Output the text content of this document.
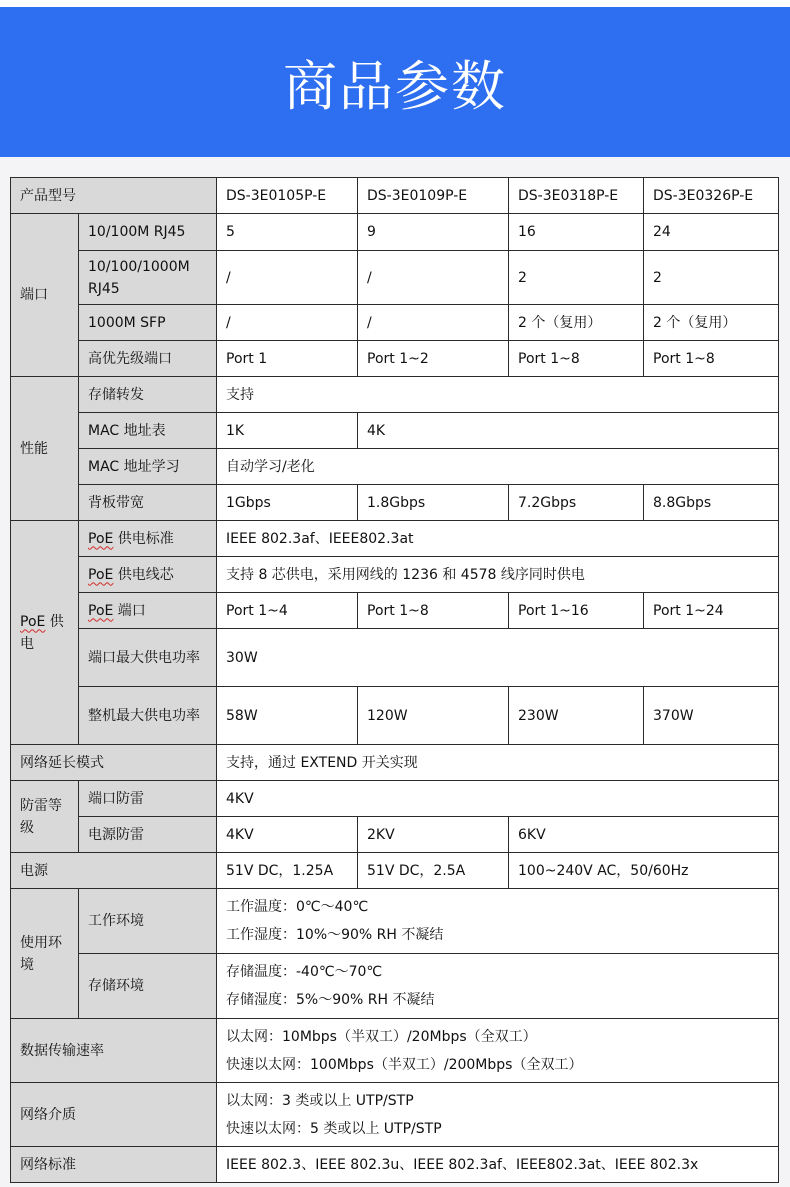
商品参数
产品型号		DS-3E0105P-E	DS-3E0109P-E	DS-3E0318P-E	DS-3E0326P-E
端口	10/100M RJ45	5	9	16	24
	10/100/1000M RJ45	/	/	2	2
	1000M SFP	/	/	2 个（复用）	2 个（复用）
	高优先级端口	Port 1	Port 1~2	Port 1~8	Port 1~8
性能	存储转发	支持			
	MAC 地址表	1K	4K		
	MAC 地址学习	自动学习/老化			
	背板带宽	1Gbps	1.8Gbps	7.2Gbps	8.8Gbps
PoE 供电	PoE 供电标准	IEEE 802.3af、IEEE802.3at			
	PoE 供电线芯	支持 8 芯供电，采用网线的 1236 和 4578 线序同时供电			
	PoE 端口	Port 1~4	Port 1~8	Port 1~16	Port 1~24
	端口最大供电功率	30W			
	整机最大供电功率	58W	120W	230W	370W
网络延长模式		支持，通过 EXTEND 开关实现			
防雷等级	端口防雷	4KV			
	电源防雷	4KV	2KV	6KV	
电源		51V DC，1.25A	51V DC，2.5A	100~240V AC，50/60Hz	
使用环境	工作环境	工作温度：0℃～40℃
工作湿度：10%～90% RH 不凝结			

	存储环境	存储温度：-40℃～70℃
存储湿度：5%～90% RH 不凝结			

数据传输速率		以太网：10Mbps（半双工）/20Mbps（全双工）
快速以太网：100Mbps（半双工）/200Mbps（全双工）			

网络介质		以太网：3 类或以上 UTP/STP
快速以太网：5 类或以上 UTP/STP			

网络标准		IEEE 802.3、IEEE 802.3u、IEEE 802.3af、IEEE802.3at、IEEE 802.3x			
